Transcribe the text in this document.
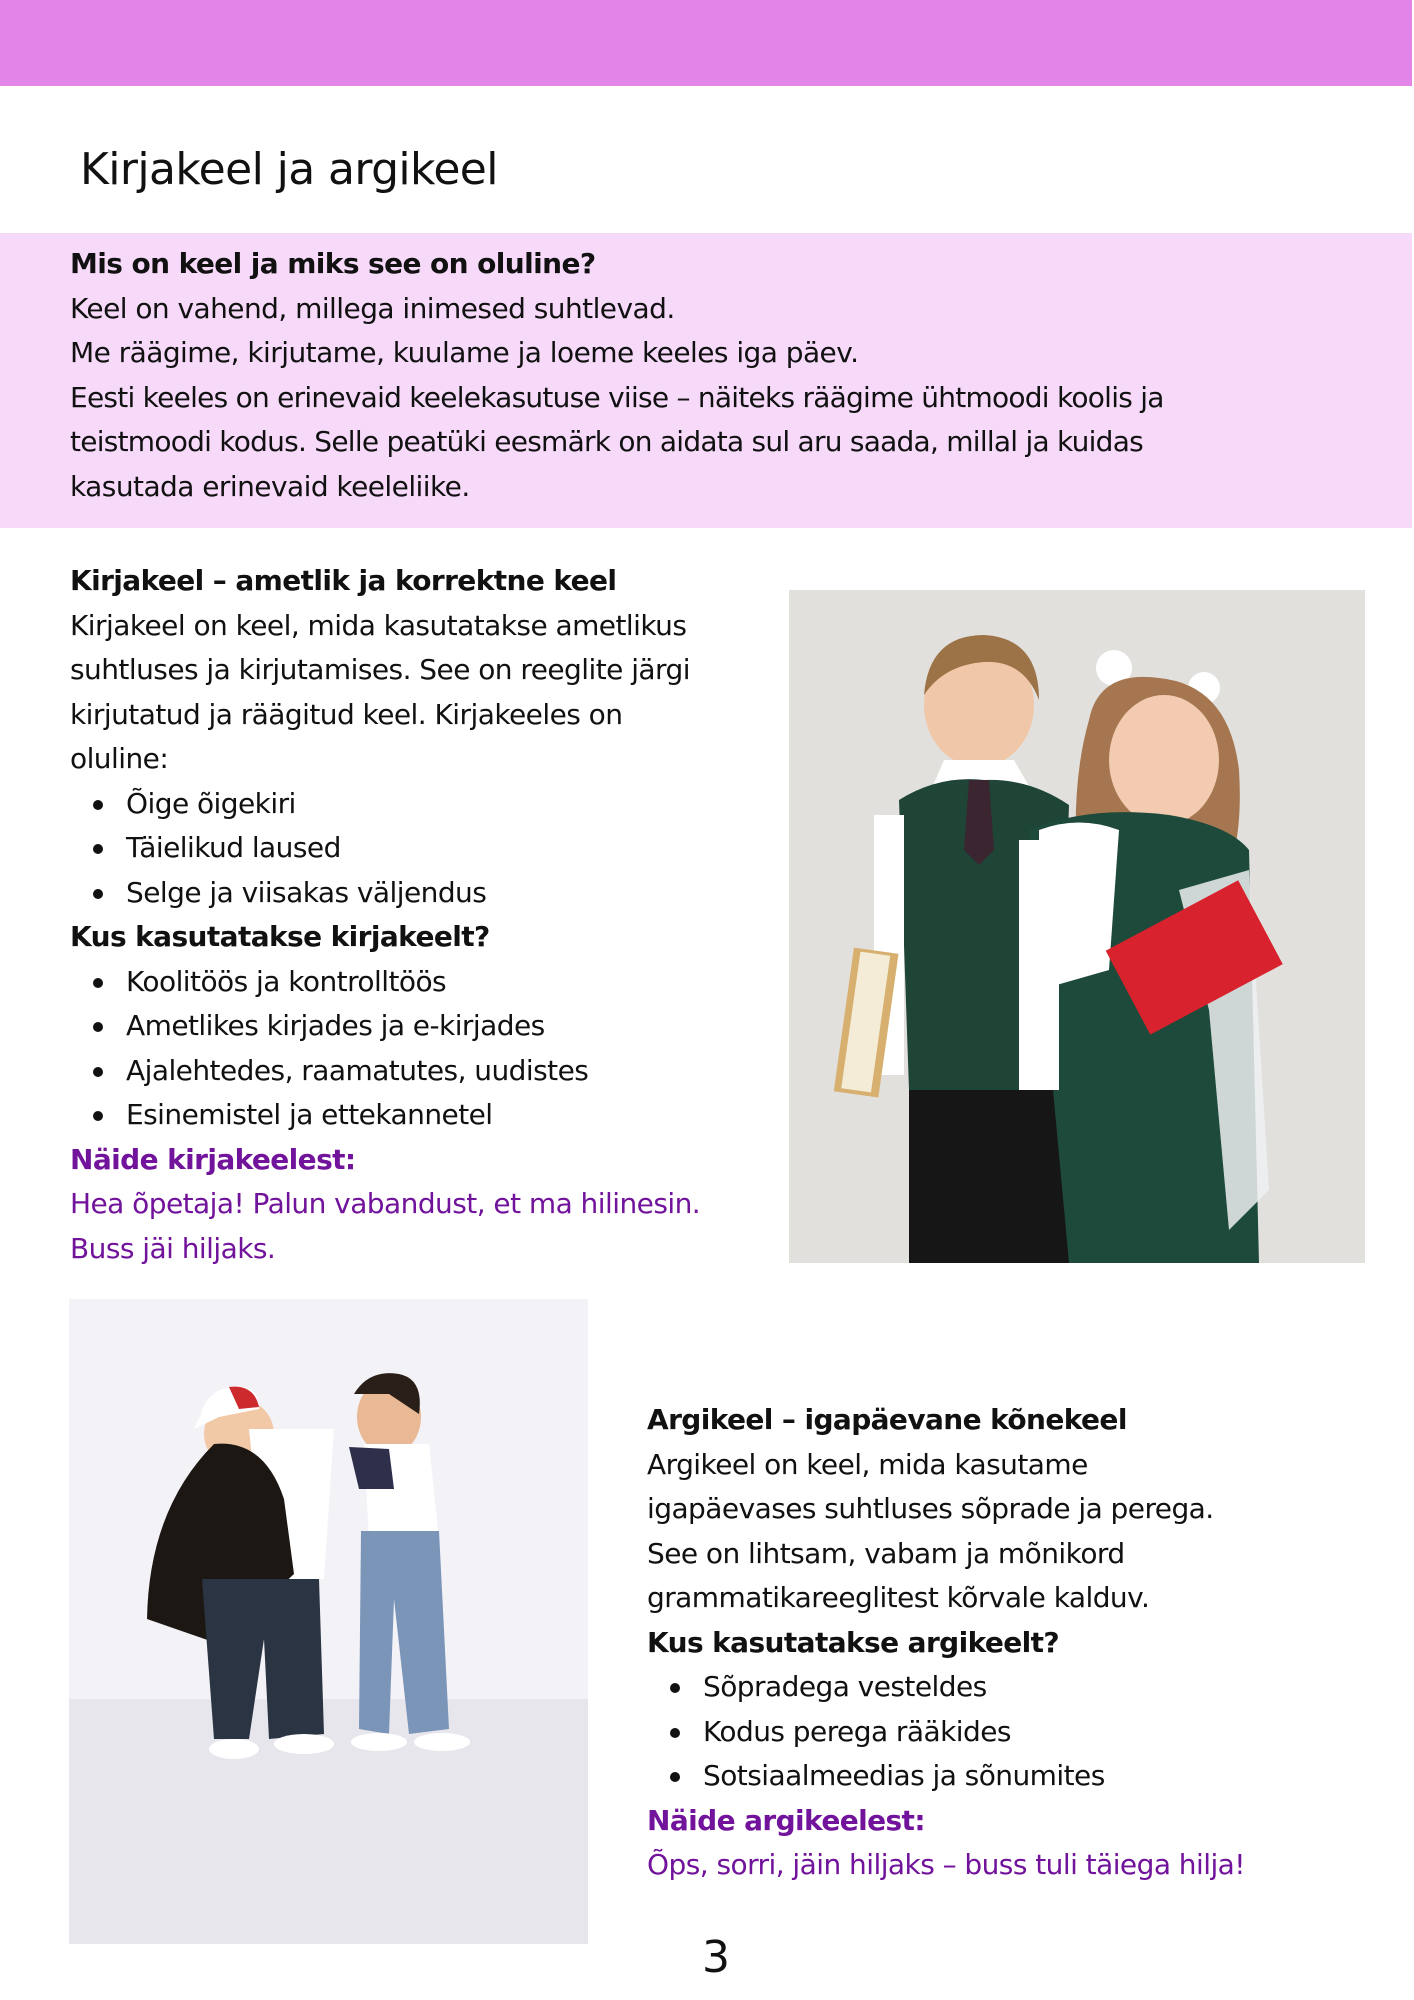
Kirjakeel ja argikeel
Mis on keel ja miks see on oluline?
Keel on vahend, millega inimesed suhtlevad.
Me räägime, kirjutame, kuulame ja loeme keeles iga päev.
Eesti keeles on erinevaid keelekasutuse viise – näiteks räägime ühtmoodi koolis ja
teistmoodi kodus. Selle peatüki eesmärk on aidata sul aru saada, millal ja kuidas
kasutada erinevaid keeleliike.
Kirjakeel – ametlik ja korrektne keel
Kirjakeel on keel, mida kasutatakse ametlikus
suhtluses ja kirjutamises. See on reeglite järgi
kirjutatud ja räägitud keel. Kirjakeeles on
oluline:
Õige õigekiri
Täielikud laused
Selge ja viisakas väljendus
Kus kasutatakse kirjakeelt?
Koolitöös ja kontrolltöös
Ametlikes kirjades ja e-kirjades
Ajalehtedes, raamatutes, uudistes
Esinemistel ja ettekannetel
Näide kirjakeelest:
Hea õpetaja! Palun vabandust, et ma hilinesin.
Buss jäi hiljaks.
Argikeel – igapäevane kõnekeel
Argikeel on keel, mida kasutame
igapäevases suhtluses sõprade ja perega.
See on lihtsam, vabam ja mõnikord
grammatikareeglitest kõrvale kalduv.
Kus kasutatakse argikeelt?
Sõpradega vesteldes
Kodus perega rääkides
Sotsiaalmeedias ja sõnumites
Näide argikeelest:
Õps, sorri, jäin hiljaks – buss tuli täiega hilja!
3
